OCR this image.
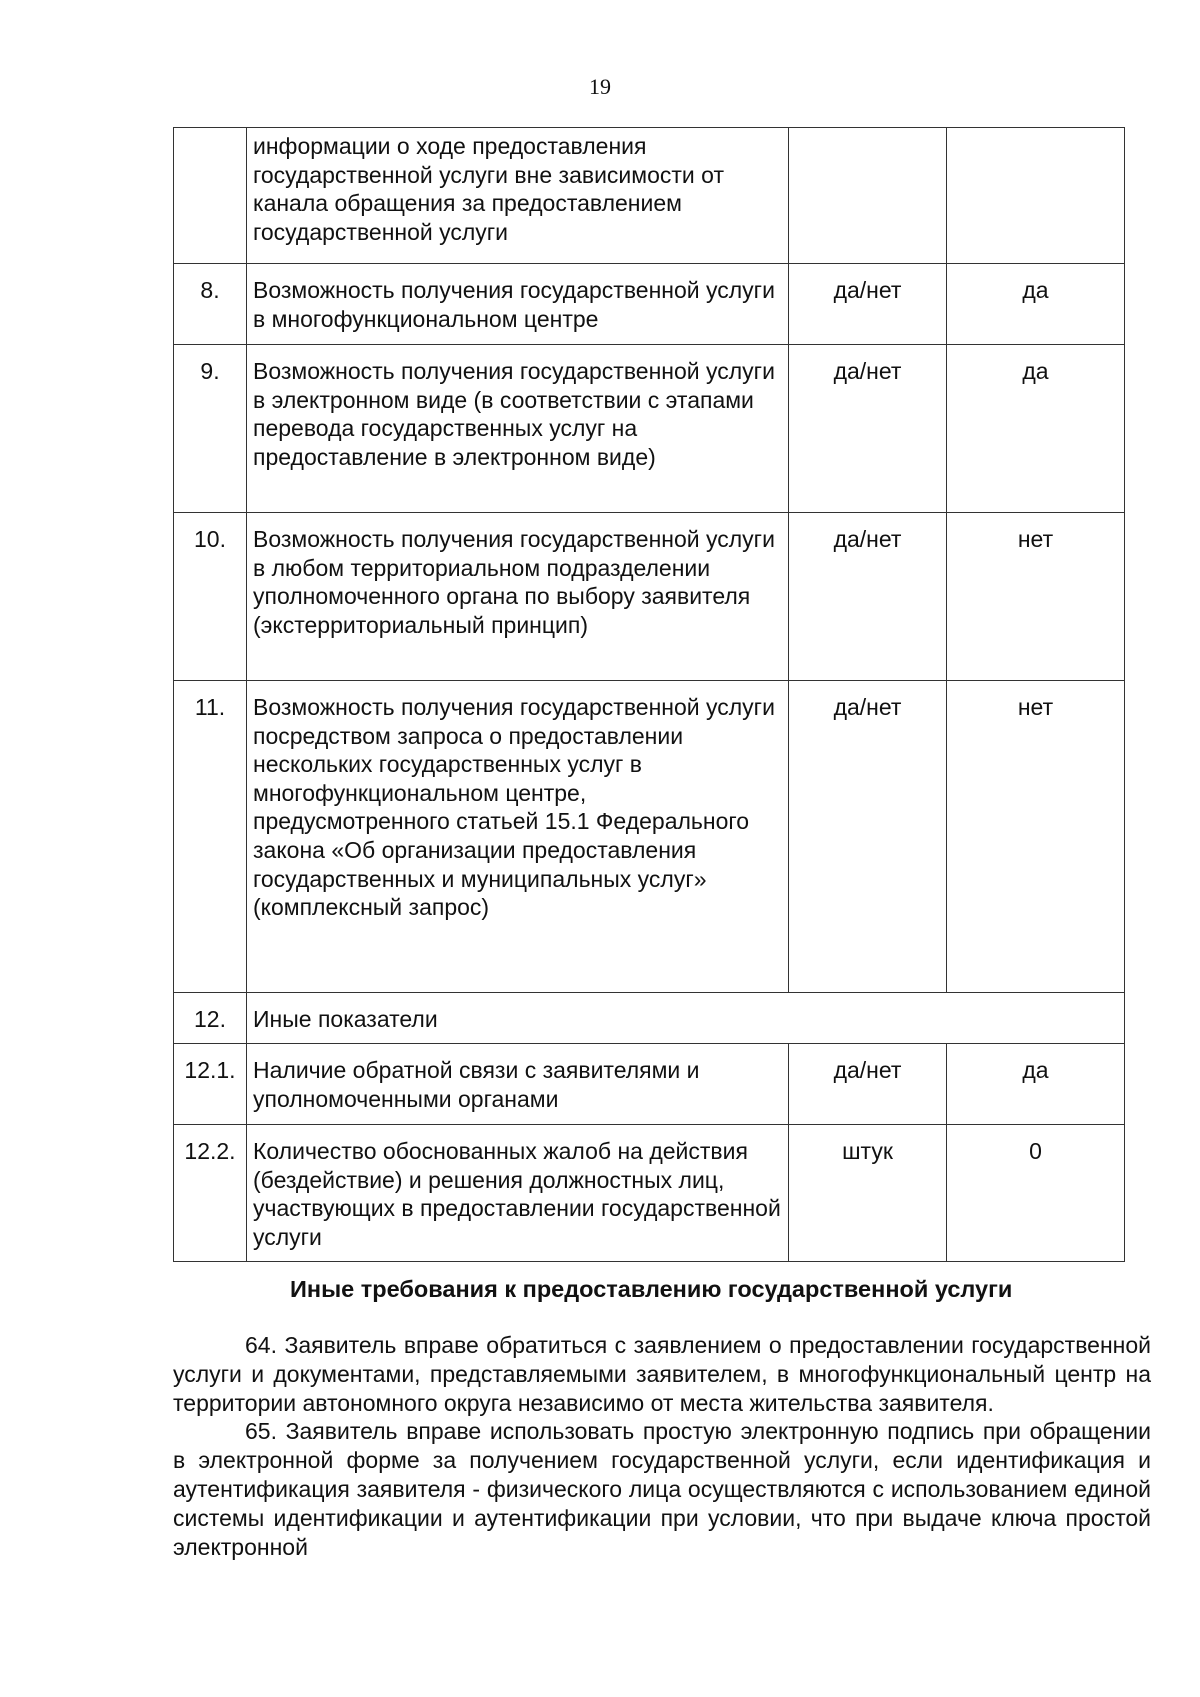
19
	информации о ходе предоставления государственной услуги вне зависимости от канала обращения за предоставлением государственной услуги		
8.	Возможность получения государственной услуги в многофункциональном центре	да/нет	да
9.	Возможность получения государственной услуги в электронном виде (в соответствии с этапами перевода государственных услуг на предоставление в электронном виде)	да/нет	да
10.	Возможность получения государственной услуги в любом территориальном подразделении уполномоченного органа по выбору заявителя (экстерриториальный принцип)	да/нет	нет
11.	Возможность получения государственной услуги посредством запроса о предоставлении нескольких государственных услуг в многофункциональном центре, предусмотренного статьей 15.1 Федерального закона «Об организации предоставления государственных и муниципальных услуг» (комплексный запрос)	да/нет	нет
12.	Иные показатели		
12.1.	Наличие обратной связи с заявителями и уполномоченными органами	да/нет	да
12.2.	Количество обоснованных жалоб на действия (бездействие) и решения должностных лиц, участвующих в предоставлении государственной услуги	штук	0
Иные требования к предоставлению государственной услуги

64. Заявитель вправе обратиться с заявлением о предоставлении государственной услуги и документами, представляемыми заявителем, в многофункциональный центр на территории автономного округа независимо от места жительства заявителя.

65. Заявитель вправе использовать простую электронную подпись при обращении в электронной форме за получением государственной услуги, если идентификация и аутентификация заявителя - физического лица осуществляются с использованием единой системы идентификации и аутентификации при условии, что при выдаче ключа простой электронной
